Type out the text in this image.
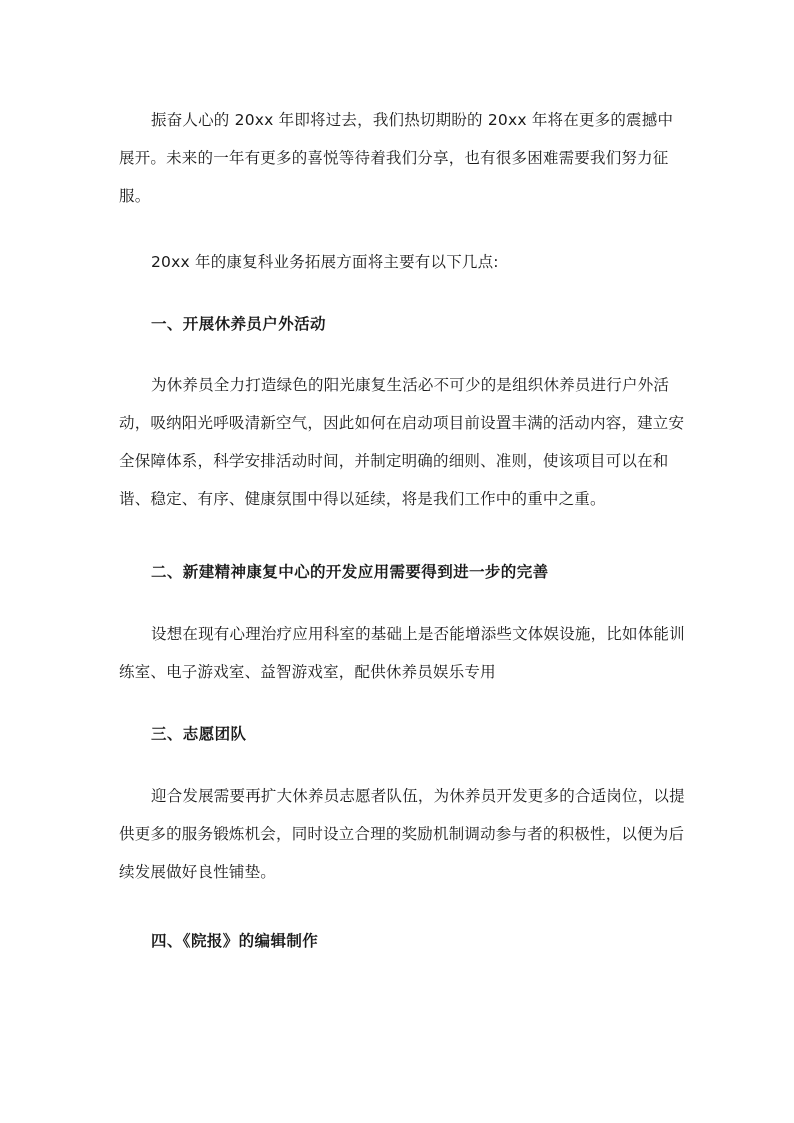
振奋人心的 20xx 年即将过去，我们热切期盼的 20xx 年将在更多的震撼中展开。未来的一年有更多的喜悦等待着我们分享，也有很多困难需要我们努力征服。

20xx 年的康复科业务拓展方面将主要有以下几点:

一、开展休养员户外活动

为休养员全力打造绿色的阳光康复生活必不可少的是组织休养员进行户外活动，吸纳阳光呼吸清新空气，因此如何在启动项目前设置丰满的活动内容，建立安全保障体系，科学安排活动时间，并制定明确的细则、准则，使该项目可以在和谐、稳定、有序、健康氛围中得以延续，将是我们工作中的重中之重。

二、新建精神康复中心的开发应用需要得到进一步的完善

设想在现有心理治疗应用科室的基础上是否能增添些文体娱设施，比如体能训练室、电子游戏室、益智游戏室，配供休养员娱乐专用

三、志愿团队

迎合发展需要再扩大休养员志愿者队伍，为休养员开发更多的合适岗位，以提供更多的服务锻炼机会，同时设立合理的奖励机制调动参与者的积极性，以便为后续发展做好良性铺垫。

四、《院报》的编辑制作
